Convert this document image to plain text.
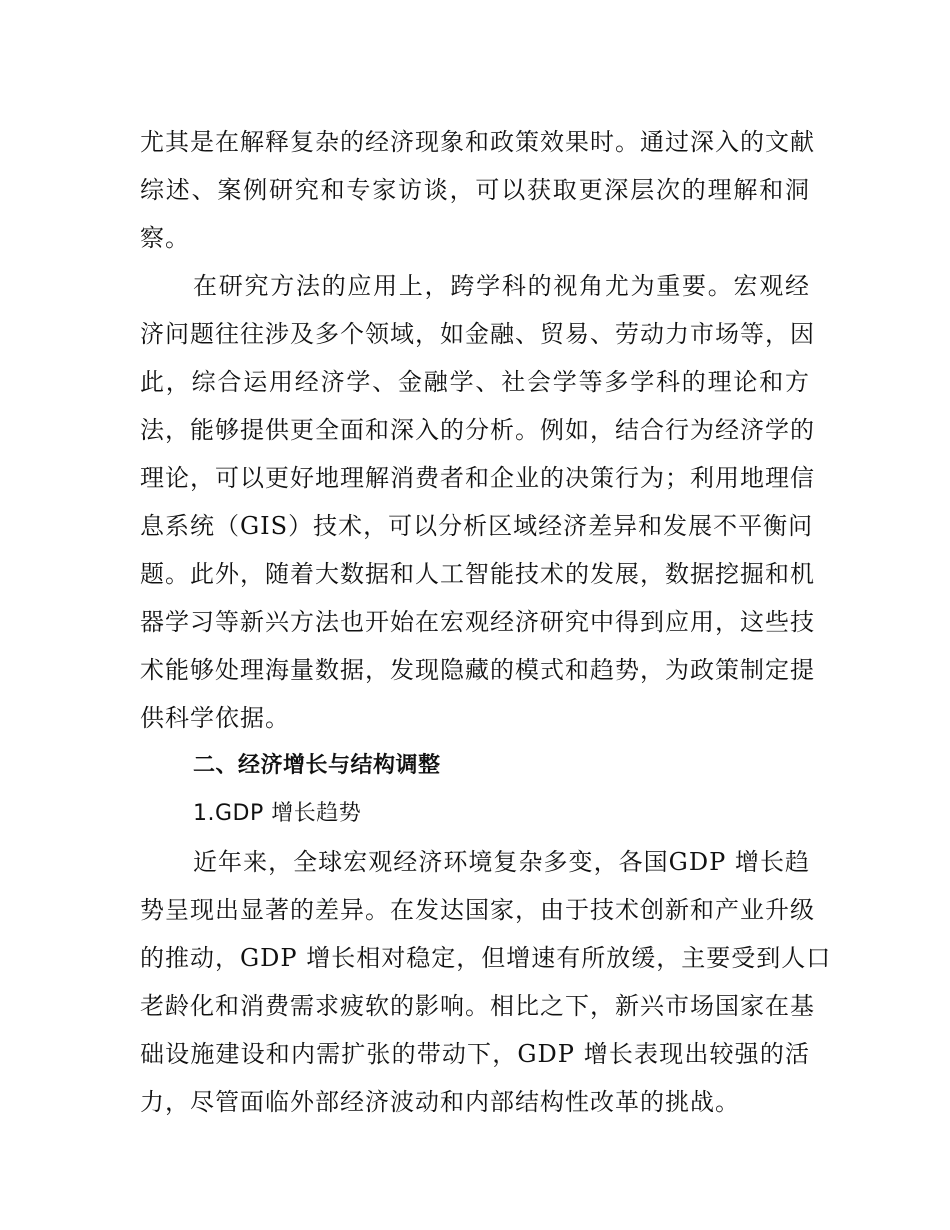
尤其是在解释复杂的经济现象和政策效果时。通过深入的文献
综述、案例研究和专家访谈，可以获取更深层次的理解和洞
察。
在研究方法的应用上，跨学科的视角尤为重要。宏观经
济问题往往涉及多个领域，如金融、贸易、劳动力市场等，因
此，综合运用经济学、金融学、社会学等多学科的理论和方
法，能够提供更全面和深入的分析。例如，结合行为经济学的
理论，可以更好地理解消费者和企业的决策行为；利用地理信
息系统（GIS）技术，可以分析区域经济差异和发展不平衡问
题。此外，随着大数据和人工智能技术的发展，数据挖掘和机
器学习等新兴方法也开始在宏观经济研究中得到应用，这些技
术能够处理海量数据，发现隐藏的模式和趋势，为政策制定提
供科学依据。
二、经济增长与结构调整
1.GDP 增长趋势
近年来，全球宏观经济环境复杂多变，各国GDP 增长趋
势呈现出显著的差异。在发达国家，由于技术创新和产业升级
的推动，GDP 增长相对稳定，但增速有所放缓，主要受到人口
老龄化和消费需求疲软的影响。相比之下，新兴市场国家在基
础设施建设和内需扩张的带动下，GDP 增长表现出较强的活
力，尽管面临外部经济波动和内部结构性改革的挑战。
